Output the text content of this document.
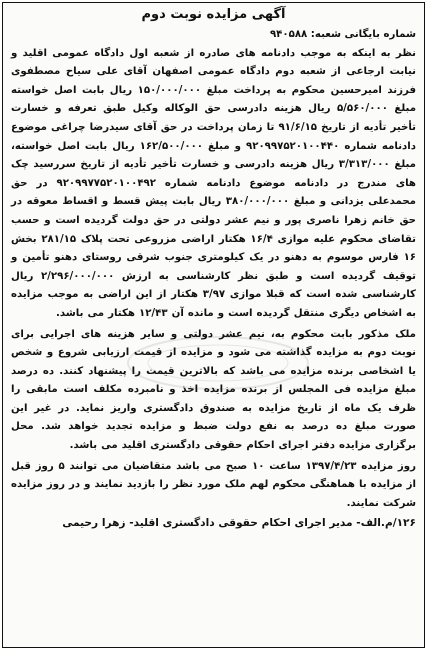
آگهی مزایده نوبت دوم
شماره بایگانی شعبه: ۹۴۰۵۸۸
نظر به اینکه به موجب دادنامه های صادره از شعبه اول دادگاه عمومی اقلید و نیابت ارجاعی از شعبه دوم دادگاه عمومی اصفهان آقای علی سیاح مصطفوی فرزند امیرحسین محکوم به پرداخت مبلغ ۱۵۰/۰۰۰/۰۰۰ ریال بابت اصل خواسته مبلغ ۵/۵۶۰/۰۰۰ ریال هزینه دادرسی حق الوکاله وکیل طبق تعرفه و خسارت تأخیر تأدیه از تاریخ ۹۱/۶/۱۵ تا زمان پرداخت در حق آقای سیدرضا چراغی موضوع دادنامه شماره ۹۲۰۹۹۷۵۲۰۱۰۰۴۴۰ و مبلغ ۱۶۲/۵۰۰/۰۰۰ ریال بابت اصل خواسته، مبلغ ۳/۳۱۳/۰۰۰ ریال هزینه دادرسی و خسارت تأخیر تأدیه از تاریخ سررسید چک های مندرج در دادنامه موضوع دادنامه شماره ۹۲۰۹۹۷۷۵۲۰۱۰۰۴۹۲ در حق محمدعلی یزدانی و مبلغ ۳۸۰/۰۰۰/۰۰۰ ریال بابت پیش قسط و اقساط معوقه در حق خانم زهرا ناصری پور و نیم عشر دولتی در حق دولت گردیده است و حسب تقاضای محکوم علیه موازی ۱۶/۴ هکتار اراضی مزروعی تحت پلاک ۲۸۱/۱۵ بخش ۱۶ فارس موسوم به دهنو در یک کیلومتری جنوب شرقی روستای دهنو تأمین و توقیف گردیده است و طبق نظر کارشناسی به ارزش ۲/۲۹۶/۰۰۰/۰۰۰ ریال کارشناسی شده است که قبلا موازی ۳/۹۷ هکتار از این اراضی به موجب مزایده به اشخاص دیگری منتقل گردیده است و مانده آن ۱۲/۴۳ هکتار می باشد.
ملک مذکور بابت محکوم به، نیم عشر دولتی و سایر هزینه های اجرایی برای نوبت دوم به مزایده گذاشته می شود و مزایده از قیمت ارزیابی شروع و شخص یا اشخاصی برنده مزایده می باشد که بالاترین قیمت را پیشنهاد کنند. ده درصد مبلغ مزایده فی المجلس از برنده مزایده اخذ و نامبرده مکلف است مابقی را ظرف یک ماه از تاریخ مزایده به صندوق دادگستری واریز نماید. در غیر این صورت مبلغ ده درصد به نفع دولت ضبط و مزایده تجدید خواهد شد. محل برگزاری مزایده دفتر اجرای احکام حقوقی دادگستری اقلید می باشد.
روز مزایده ۱۳۹۷/۴/۲۳ ساعت ۱۰ صبح می باشد متقاضیان می توانند ۵ روز قبل از مزایده با هماهنگی محکوم لهم ملک مورد نظر را بازدید نمایند و در روز مزایده شرکت نمایند.
۱۲۶/م.الف- مدیر اجرای احکام حقوقی دادگستری اقلید- زهرا رحیمی
